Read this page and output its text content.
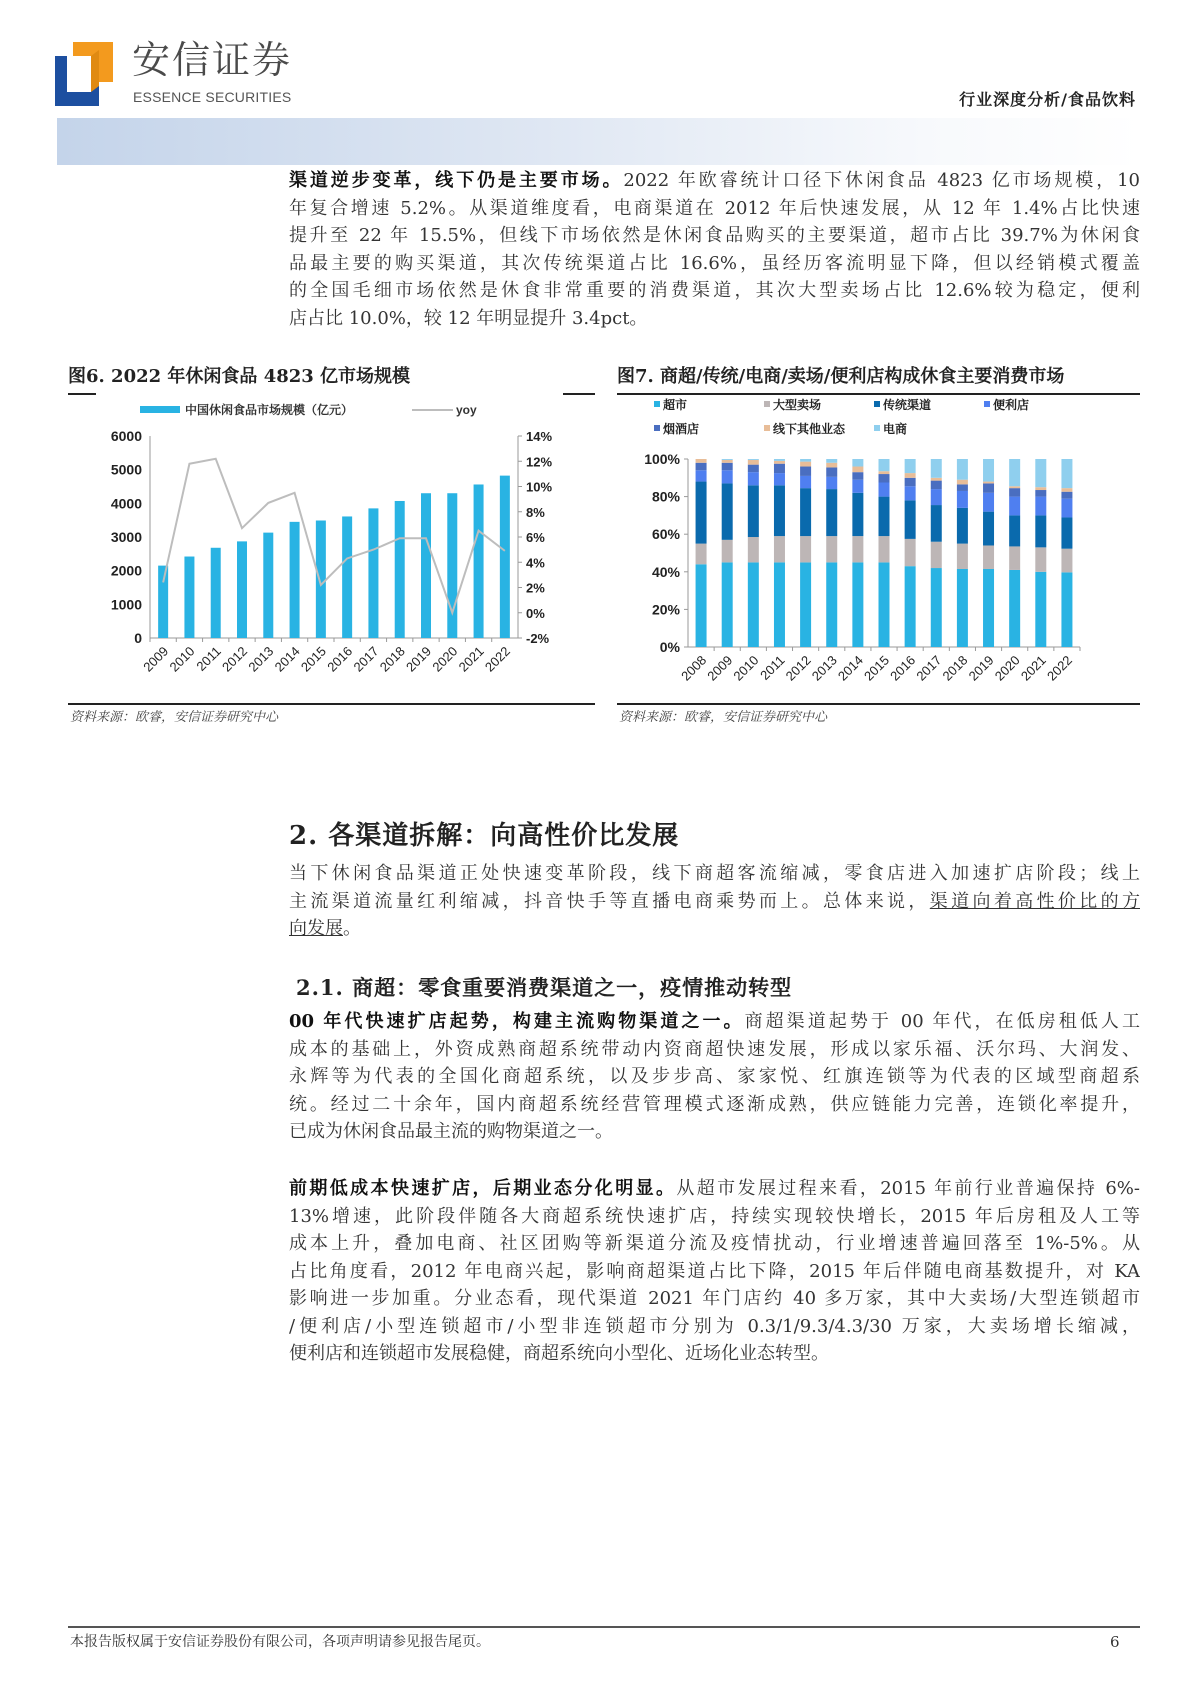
安信证券
ESSENCE SECURITIES	行业深度分析/食品饮料
渠道逆步变革，线下仍是主要市场。2022 年欧睿统计口径下休闲食品 4823 亿市场规模，10
年复合增速 5.2%。从渠道维度看，电商渠道在 2012 年后快速发展，从 12 年 1.4%占比快速
提升至 22 年 15.5%，但线下市场依然是休闲食品购买的主要渠道，超市占比 39.7%为休闲食
品最主要的购买渠道，其次传统渠道占比 16.6%，虽经历客流明显下降，但以经销模式覆盖
的全国毛细市场依然是休食非常重要的消费渠道，其次大型卖场占比 12.6%较为稳定，便利
店占比 10.0%，较 12 年明显提升 3.4pct。
图6. 2022 年休闲食品 4823 亿市场规模
中国休闲食品市场规模（亿元）	yoy
6000
5000
4000
3000
2000
1000
0
14%
12%
10%
8%
6%
4%
2%
0%
-2%
2009
2010
2011
2012
2013
2014
2015
2016
2017
2018
2019
2020
2021
2022
资料来源：欧睿，安信证券研究中心
图7. 商超/传统/电商/卖场/便利店构成休食主要消费市场
超市	大型卖场	传统渠道	便利店
烟酒店	线下其他业态	电商
100%
80%
60%
40%
20%
0%
2008
2009
2010
2011
2012
2013
2014
2015
2016
2017
2018
2019
2020
2021
2022
资料来源：欧睿，安信证券研究中心
2. 各渠道拆解：向高性价比发展
当下休闲食品渠道正处快速变革阶段，线下商超客流缩减，零食店进入加速扩店阶段；线上
主流渠道流量红利缩减，抖音快手等直播电商乘势而上。总体来说，渠道向着高性价比的方
向发展。
2.1. 商超：零食重要消费渠道之一，疫情推动转型
00 年代快速扩店起势，构建主流购物渠道之一。商超渠道起势于 00 年代，在低房租低人工
成本的基础上，外资成熟商超系统带动内资商超快速发展，形成以家乐福、沃尔玛、大润发、
永辉等为代表的全国化商超系统，以及步步高、家家悦、红旗连锁等为代表的区域型商超系
统。经过二十余年，国内商超系统经营管理模式逐渐成熟，供应链能力完善，连锁化率提升，
已成为休闲食品最主流的购物渠道之一。
前期低成本快速扩店，后期业态分化明显。从超市发展过程来看，2015 年前行业普遍保持 6%-
13%增速，此阶段伴随各大商超系统快速扩店，持续实现较快增长，2015 年后房租及人工等
成本上升，叠加电商、社区团购等新渠道分流及疫情扰动，行业增速普遍回落至 1%-5%。从
占比角度看，2012 年电商兴起，影响商超渠道占比下降，2015 年后伴随电商基数提升，对 KA
影响进一步加重。分业态看，现代渠道 2021 年门店约 40 多万家，其中大卖场/大型连锁超市
/便利店/小型连锁超市/小型非连锁超市分别为 0.3/1/9.3/4.3/30 万家，大卖场增长缩减，
便利店和连锁超市发展稳健，商超系统向小型化、近场化业态转型。
本报告版权属于安信证券股份有限公司，各项声明请参见报告尾页。	6
